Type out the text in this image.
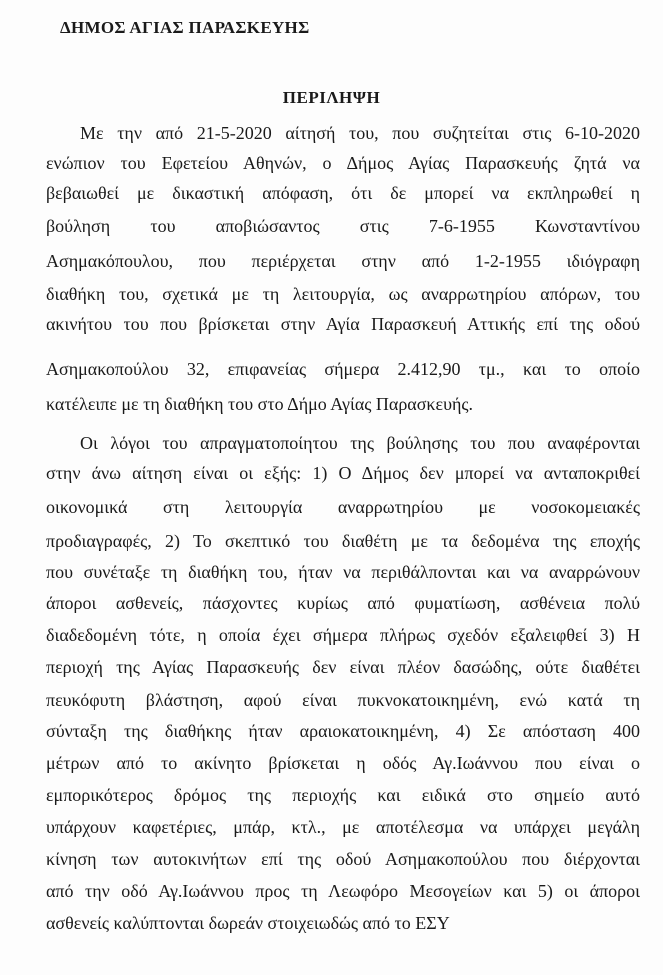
ΔΗΜΟΣ ΑΓΙΑΣ ΠΑΡΑΣΚΕΥΗΣ
ΠΕΡΙΛΗΨΗ
Με την από 21-5-2020 αίτησή του, που συζητείται στις 6-10-2020
ενώπιον του Εφετείου Αθηνών, ο Δήμος Αγίας Παρασκευής ζητά να
βεβαιωθεί με δικαστική απόφαση, ότι δε μπορεί να εκπληρωθεί η
βούληση του αποβιώσαντος στις 7-6-1955 Κωνσταντίνου
Ασημακόπουλου, που περιέρχεται στην από 1-2-1955 ιδιόγραφη
διαθήκη του, σχετικά με τη λειτουργία, ως αναρρωτηρίου απόρων, του
ακινήτου του που βρίσκεται στην Αγία Παρασκευή Αττικής επί της οδού
Ασημακοπούλου 32, επιφανείας σήμερα 2.412,90 τμ., και το οποίο
κατέλειπε με τη διαθήκη του στο Δήμο Αγίας Παρασκευής.
Οι λόγοι του απραγματοποίητου της βούλησης του που αναφέρονται
στην άνω αίτηση είναι οι εξής: 1) Ο Δήμος δεν μπορεί να ανταποκριθεί
οικονομικά στη λειτουργία αναρρωτηρίου με νοσοκομειακές
προδιαγραφές, 2) Το σκεπτικό του διαθέτη με τα δεδομένα της εποχής
που συνέταξε τη διαθήκη του, ήταν να περιθάλπονται και να αναρρώνουν
άποροι ασθενείς, πάσχοντες κυρίως από φυματίωση, ασθένεια πολύ
διαδεδομένη τότε, η οποία έχει σήμερα πλήρως σχεδόν εξαλειφθεί 3) Η
περιοχή της Αγίας Παρασκευής δεν είναι πλέον δασώδης, ούτε διαθέτει
πευκόφυτη βλάστηση, αφού είναι πυκνοκατοικημένη, ενώ κατά τη
σύνταξη της διαθήκης ήταν αραιοκατοικημένη, 4) Σε απόσταση 400
μέτρων από το ακίνητο βρίσκεται η οδός Αγ.Ιωάννου που είναι ο
εμπορικότερος δρόμος της περιοχής και ειδικά στο σημείο αυτό
υπάρχουν καφετέριες, μπάρ, κτλ., με αποτέλεσμα να υπάρχει μεγάλη
κίνηση των αυτοκινήτων επί της οδού Ασημακοπούλου που διέρχονται
από την οδό Αγ.Ιωάννου προς τη Λεωφόρο Μεσογείων και 5) οι άποροι
ασθενείς καλύπτονται δωρεάν στοιχειωδώς από το ΕΣΥ
